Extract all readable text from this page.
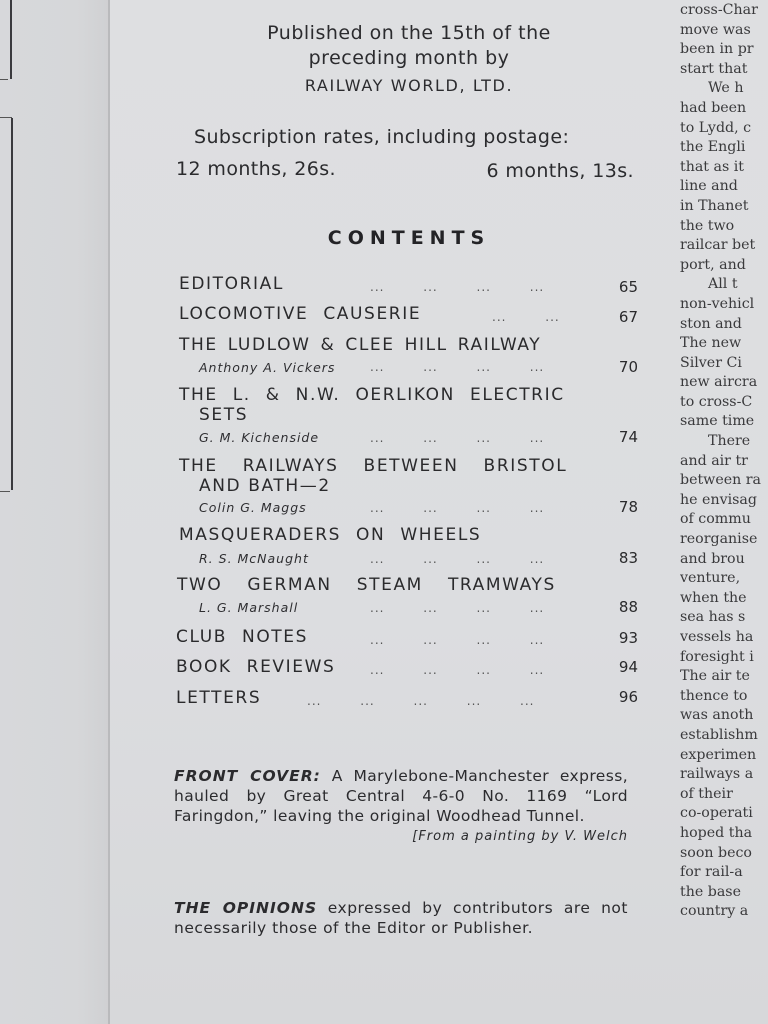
Published on the 15th of the
preceding month by
RAILWAY WORLD, LTD.
Subscription rates, including postage:
12 months, 26s.	6 months, 13s.
CONTENTS
EDITORIAL	... ... ... ...	65
LOCOMOTIVE CAUSERIE	... ...	67
THE LUDLOW & CLEE HILL RAILWAY
Anthony A. Vickers	... ... ... ...	70
THE L. & N.W. OERLIKON ELECTRIC
SETS
G. M. Kichenside	... ... ... ...	74
THE RAILWAYS BETWEEN BRISTOL
AND BATH—2
Colin G. Maggs	... ... ... ...	78
MASQUERADERS ON WHEELS
R. S. McNaught	... ... ... ...	83
TWO GERMAN STEAM TRAMWAYS
L. G. Marshall	... ... ... ...	88
CLUB NOTES	... ... ... ...	93
BOOK REVIEWS	... ... ... ...	94
LETTERS	... ... ... ... ...	96
FRONT COVER: A Marylebone-Manchester express, hauled by Great Central 4-6-0 No. 1169 “Lord Faringdon,” leaving the original Woodhead Tunnel.
[From a painting by V. Welch
THE OPINIONS expressed by contributors are not necessarily those of the Editor or Publisher.
cross-Char
move was
been in pr
start that
We h
had been
to Lydd, c
the Engli
that as it
line and
in Thanet
the two
railcar bet
port, and
All t
non-vehicl
ston and
The new
Silver Ci
new aircra
to cross-C
same time
There
and air tr
between ra
he envisag
of commu
reorganise
and brou
venture,
when the
sea has s
vessels ha
foresight i
The air te
thence to
was anoth
establishm
experimen
railways a
of their
co-operati
hoped tha
soon beco
for rail-a
the base
country a
